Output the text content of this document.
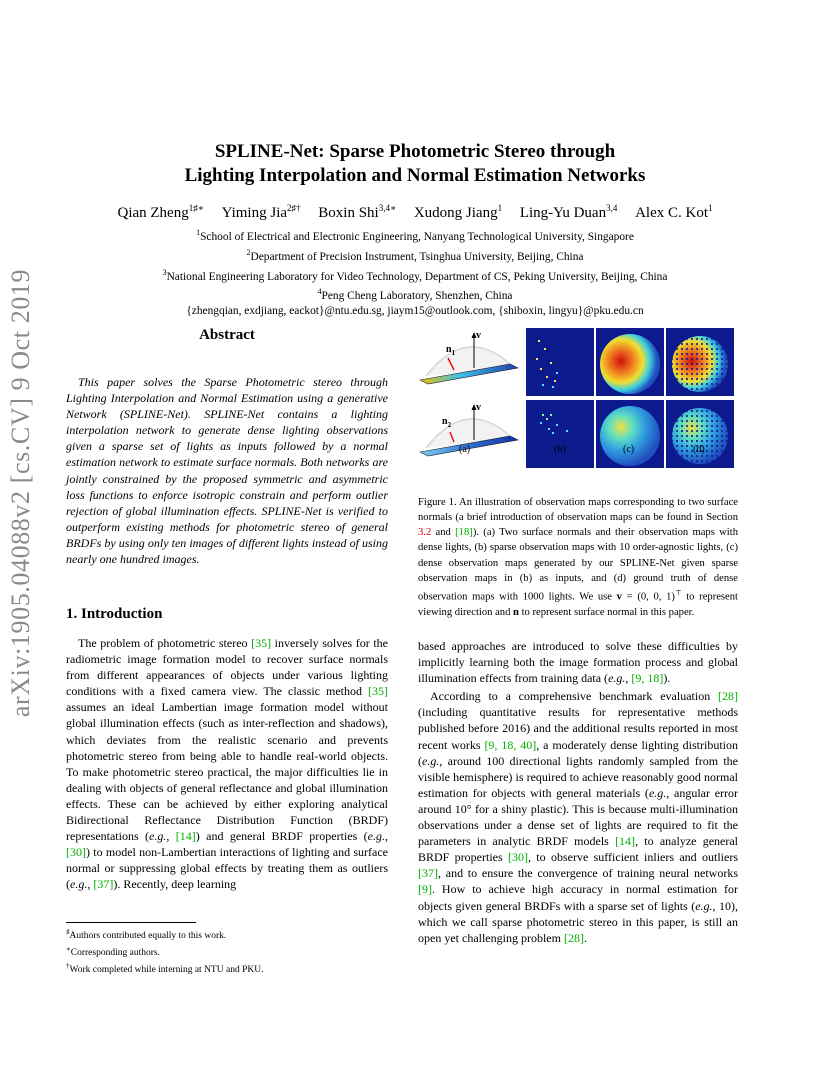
arXiv:1905.04088v2 [cs.CV] 9 Oct 2019
SPLINE-Net: Sparse Photometric Stereo through
Lighting Interpolation and Normal Estimation Networks
Qian Zheng$^{1♯∗}$ Yiming Jia$^{2♯\dagger}$ Boxin Shi$^{3,4∗}$ Xudong Jiang$^1$ Ling-Yu Duan$^{3,4}$ Alex C. Kot$^1$
$^1$School of Electrical and Electronic Engineering, Nanyang Technological University, Singapore
$^2$Department of Precision Instrument, Tsinghua University, Beijing, China
$^3$National Engineering Laboratory for Video Technology, Department of CS, Peking University, Beijing, China
$^4$Peng Cheng Laboratory, Shenzhen, China
{zhengqian, exdjiang, eackot}@ntu.edu.sg, jiaym15@outlook.com, {shiboxin, lingyu}@pku.edu.cn
Abstract

This paper solves the Sparse Photometric stereo through Lighting Interpolation and Normal Estimation using a generative Network (SPLINE-Net). SPLINE-Net contains a lighting interpolation network to generate dense lighting observations given a sparse set of lights as inputs followed by a normal estimation network to estimate surface normals. Both networks are jointly constrained by the proposed symmetric and asymmetric loss functions to enforce isotropic constrain and perform outlier rejection of global illumination effects. SPLINE-Net is verified to outperform existing methods for photometric stereo of general BRDFs by using only ten images of different lights instead of using nearly one hundred images.

1. Introduction

The problem of photometric stereo [35] inversely solves for the radiometric image formation model to recover surface normals from different appearances of objects under various lighting conditions with a fixed camera view. The classic method [35] assumes an ideal Lambertian image formation model without global illumination effects (such as inter-reflection and shadows), which deviates from the realistic scenario and prevents photometric stereo from being able to handle real-world objects. To make photometric stereo practical, the major difficulties lie in dealing with objects of general reflectance and global illumination effects. These can be achieved by either exploring analytical Bidirectional Reflectance Distribution Function (BRDF) representations (e.g., [14]) and general BRDF properties (e.g., [30]) to model non-Lambertian interactions of lighting and surface normal or suppressing global effects by treating them as outliers (e.g., [37]). Recently, deep learning

♯Authors contributed equally to this work.
∗Corresponding authors.
†Work completed while interning at NTU and PKU.
$n_1$
v
$n_2$
v
(a)	(b)	(c)	(d)

Figure 1. An illustration of observation maps corresponding to two surface normals (a brief introduction of observation maps can be found in Section 3.2 and [18]). (a) Two surface normals and their observation maps with dense lights, (b) sparse observation maps with 10 order-agnostic lights, (c) dense observation maps generated by our SPLINE-Net given sparse observation maps in (b) as inputs, and (d) ground truth of dense observation maps with 1000 lights. We use v = (0, 0, 1)⊤ to represent viewing direction and n to represent surface normal in this paper.

based approaches are introduced to solve these difficulties by implicitly learning both the image formation process and global illumination effects from training data (e.g., [9, 18]).

According to a comprehensive benchmark evaluation [28] (including quantitative results for representative methods published before 2016) and the additional results reported in most recent works [9, 18, 40], a moderately dense lighting distribution (e.g., around 100 directional lights randomly sampled from the visible hemisphere) is required to achieve reasonably good normal estimation for objects with general materials (e.g., angular error around 10° for a shiny plastic). This is because multi-illumination observations under a dense set of lights are required to fit the parameters in analytic BRDF models [14], to analyze general BRDF properties [30], to observe sufficient inliers and outliers [37], and to ensure the convergence of training neural networks [9]. How to achieve high accuracy in normal estimation for objects given general BRDFs with a sparse set of lights (e.g., 10), which we call sparse photometric stereo in this paper, is still an open yet challenging problem [28].
